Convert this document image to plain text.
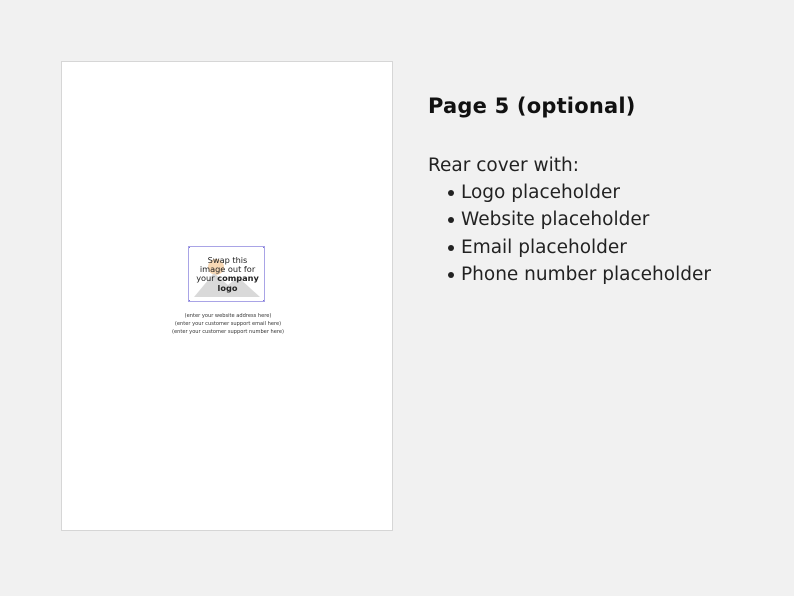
Swap this
image out for
your company
logo
(enter your website address here)
(enter your customer support email here)
(enter your customer support number here)
Page 5 (optional)
Rear cover with:
Logo placeholder
Website placeholder
Email placeholder
Phone number placeholder
